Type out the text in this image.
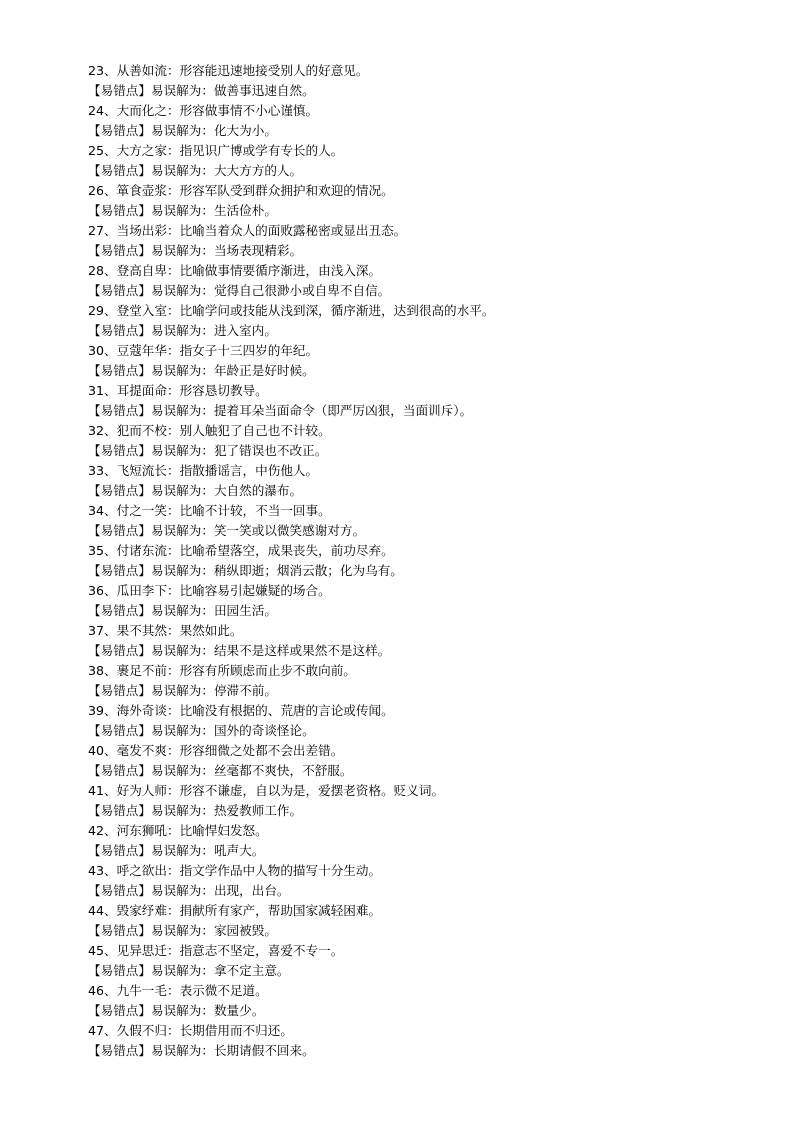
23、从善如流：形容能迅速地接受别人的好意见。
【易错点】易误解为：做善事迅速自然。
24、大而化之：形容做事情不小心谨慎。
【易错点】易误解为：化大为小。
25、大方之家：指见识广博或学有专长的人。
【易错点】易误解为：大大方方的人。
26、箪食壶浆：形容军队受到群众拥护和欢迎的情况。
【易错点】易误解为：生活俭朴。
27、当场出彩：比喻当着众人的面败露秘密或显出丑态。
【易错点】易误解为：当场表现精彩。
28、登高自卑：比喻做事情要循序渐进，由浅入深。
【易错点】易误解为：觉得自己很渺小或自卑不自信。
29、登堂入室：比喻学问或技能从浅到深，循序渐进，达到很高的水平。
【易错点】易误解为：进入室内。
30、豆蔻年华：指女子十三四岁的年纪。
【易错点】易误解为：年龄正是好时候。
31、耳提面命：形容恳切教导。
【易错点】易误解为：提着耳朵当面命令（即严厉凶狠，当面训斥）。
32、犯而不校：别人触犯了自己也不计较。
【易错点】易误解为：犯了错误也不改正。
33、飞短流长：指散播谣言，中伤他人。
【易错点】易误解为：大自然的瀑布。
34、付之一笑：比喻不计较，不当一回事。
【易错点】易误解为：笑一笑或以微笑感谢对方。
35、付诸东流：比喻希望落空，成果丧失，前功尽弃。
【易错点】易误解为：稍纵即逝；烟消云散；化为乌有。
36、瓜田李下：比喻容易引起嫌疑的场合。
【易错点】易误解为：田园生活。
37、果不其然：果然如此。
【易错点】易误解为：结果不是这样或果然不是这样。
38、裹足不前：形容有所顾虑而止步不敢向前。
【易错点】易误解为：停滞不前。
39、海外奇谈：比喻没有根据的、荒唐的言论或传闻。
【易错点】易误解为：国外的奇谈怪论。
40、毫发不爽：形容细微之处都不会出差错。
【易错点】易误解为：丝毫都不爽快，不舒服。
41、好为人师：形容不谦虚，自以为是，爱摆老资格。贬义词。
【易错点】易误解为：热爱教师工作。
42、河东狮吼：比喻悍妇发怒。
【易错点】易误解为：吼声大。
43、呼之欲出：指文学作品中人物的描写十分生动。
【易错点】易误解为：出现，出台。
44、毁家纾难：捐献所有家产，帮助国家减轻困难。
【易错点】易误解为：家园被毁。
45、见异思迁：指意志不坚定，喜爱不专一。
【易错点】易误解为：拿不定主意。
46、九牛一毛：表示微不足道。
【易错点】易误解为：数量少。
47、久假不归：长期借用而不归还。
【易错点】易误解为：长期请假不回来。
